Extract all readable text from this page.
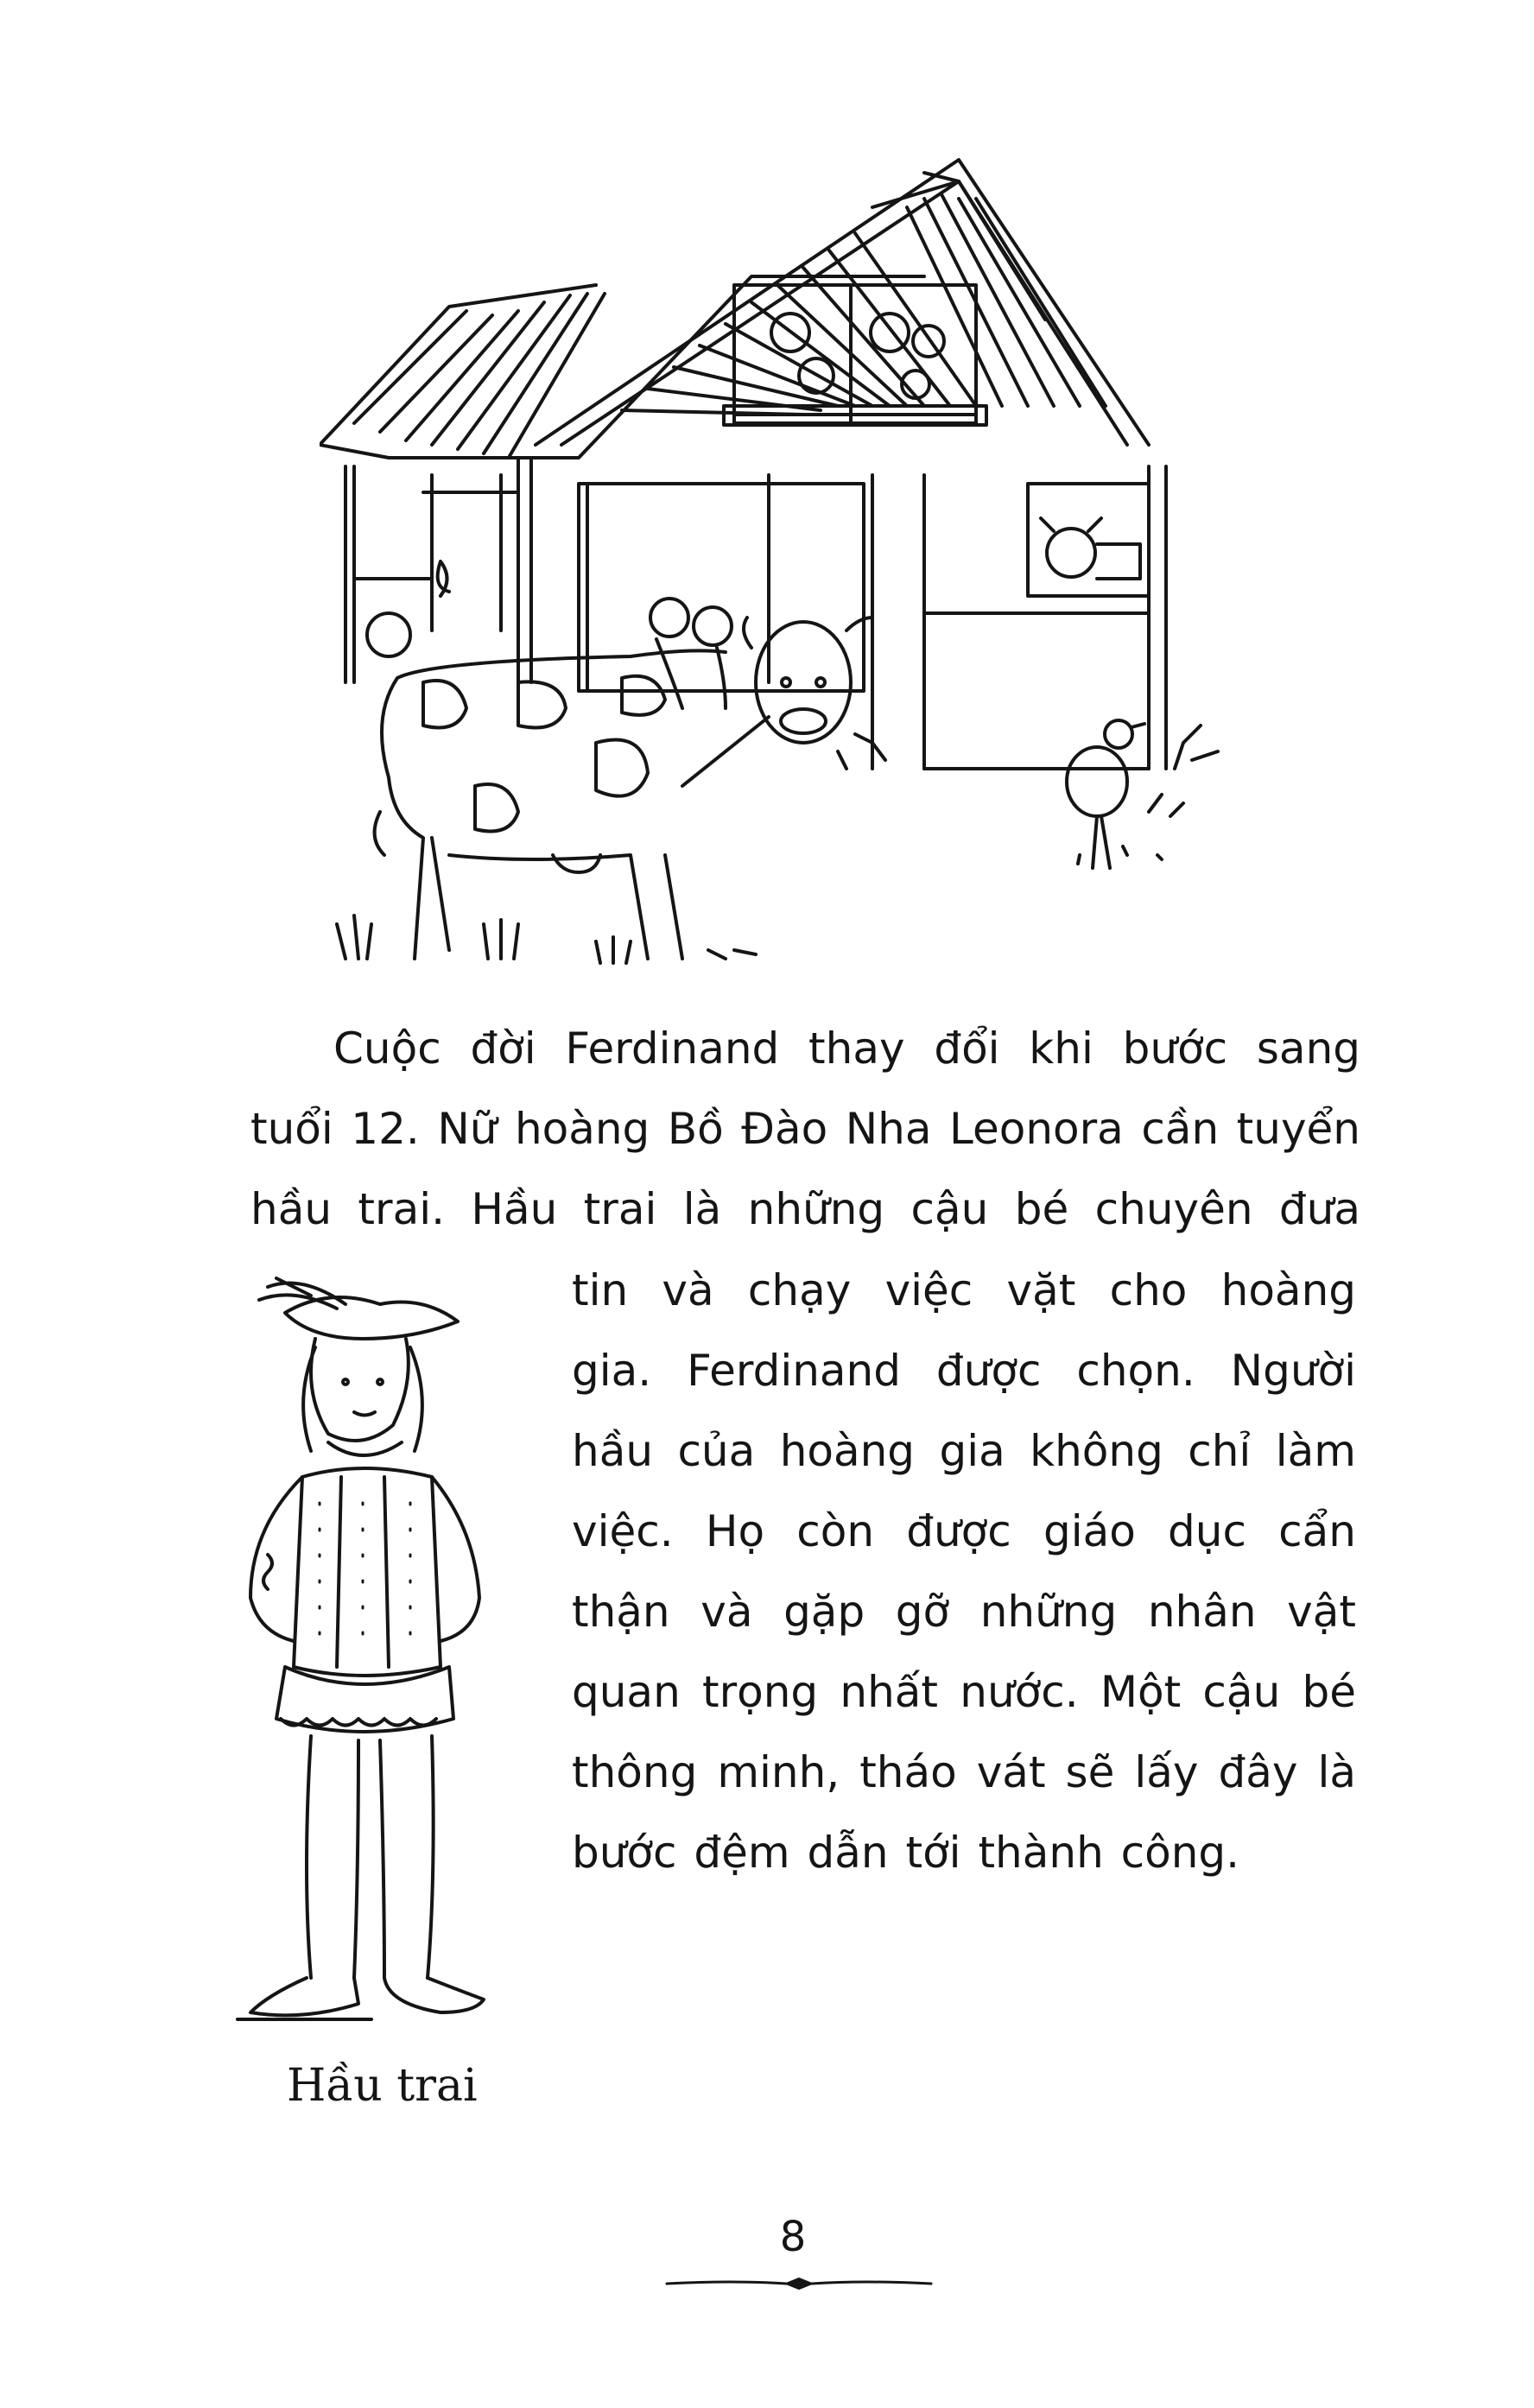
Cuộc đời Ferdinand thay đổi khi bước sang
tuổi 12. Nữ hoàng Bồ Đào Nha Leonora cần tuyển
hầu trai. Hầu trai là những cậu bé chuyên đưa
tin và chạy việc vặt cho hoàng
gia. Ferdinand được chọn. Người
hầu của hoàng gia không chỉ làm
việc. Họ còn được giáo dục cẩn
thận và gặp gỡ những nhân vật
quan trọng nhất nước. Một cậu bé
thông minh, tháo vát sẽ lấy đây là
bước đệm dẫn tới thành công.
Hầu trai
8
